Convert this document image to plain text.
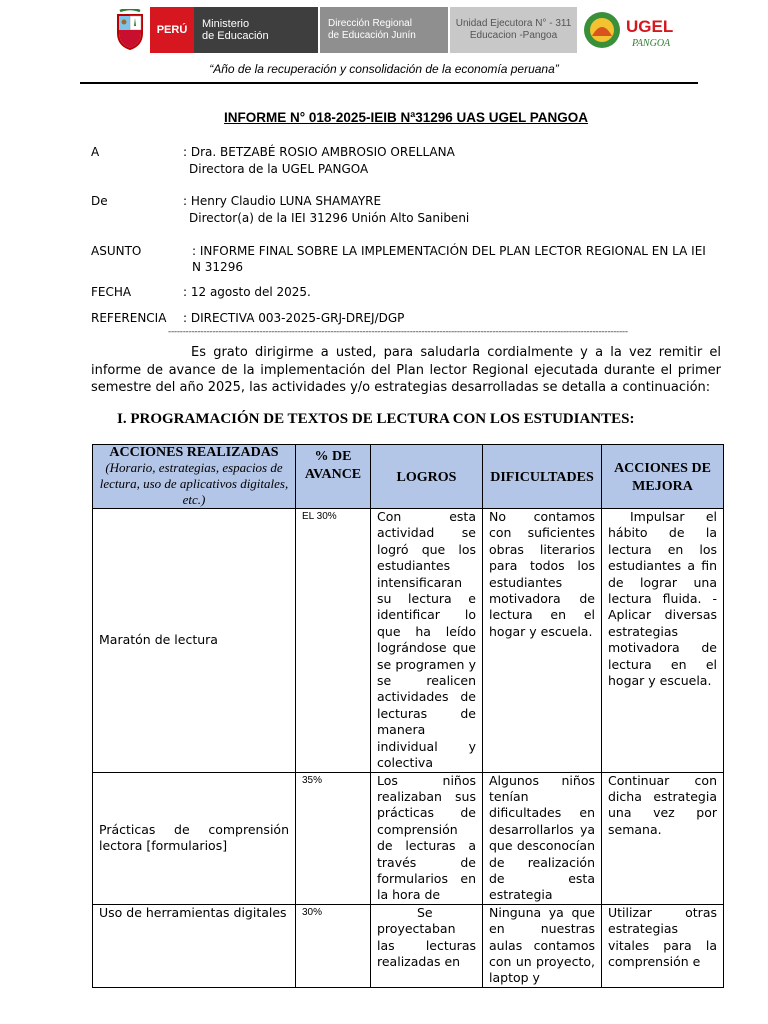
PERÚ Ministerio
de Educación
Dirección Regional
de Educación Junín
Unidad Ejecutora N° - 311
Educacion -Pangoa	UGEL
PANGOA
“Año de la recuperación y consolidación de la economía peruana”
INFORME N° 018-2025-IEIB Nª31296 UAS UGEL PANGOA
A	: Dra. BETZABÉ ROSIO AMBROSIO ORELLANA
Directora de la UGEL PANGOA
De	: Henry Claudio LUNA SHAMAYRE
Director(a) de la IEI 31296 Unión Alto Sanibeni
ASUNTO	: INFORME FINAL SOBRE LA IMPLEMENTACIÓN DEL PLAN LECTOR REGIONAL EN LA IEI
N 31296
FECHA	: 12 agosto del 2025.
REFERENCIA : DIRECTIVA 003-2025-GRJ-DREJ/DGP
------------------------------------------------------------------------------------------------------------------------------------------------------------
Es grato dirigirme a usted, para saludarla cordialmente y a la vez remitir el informe de avance de la implementación del Plan lector Regional ejecutada durante el primer semestre del año 2025, las actividades y/o estrategias desarrolladas se detalla a continuación:
I. PROGRAMACIÓN DE TEXTOS DE LECTURA CON LOS ESTUDIANTES:
ACCIONES REALIZADAS
(Horario, estrategias, espacios de lectura, uso de aplicativos digitales, etc.)	% DE AVANCE	LOGROS	DIFICULTADES	ACCIONES DE MEJORA
Maratón de lectura	EL 30%	Con esta actividad se logró que los estudiantes intensificaran su lectura e identificar lo que ha leído lográndose que se programen y se realicen actividades de lecturas de manera individual y colectiva	No contamos con suficientes obras literarios para todos los estudiantes motivadora de lectura en el hogar y escuela.	Impulsar el hábito de la lectura en los estudiantes a fin de lograr una lectura fluida. - Aplicar diversas estrategias motivadora de lectura en el hogar y escuela.
Prácticas de comprensión lectora [formularios]	35%	Los niños realizaban sus prácticas de comprensión de lecturas a través de formularios en la hora de	Algunos niños tenían dificultades en desarrollarlos ya que desconocían de realización de esta estrategia	Continuar con dicha estrategia una vez por semana.
Uso de herramientas digitales	30%	Se proyectaban las lecturas realizadas en	Ninguna ya que en nuestras aulas contamos con un proyecto, laptop y	Utilizar otras estrategias vitales para la comprensión e
